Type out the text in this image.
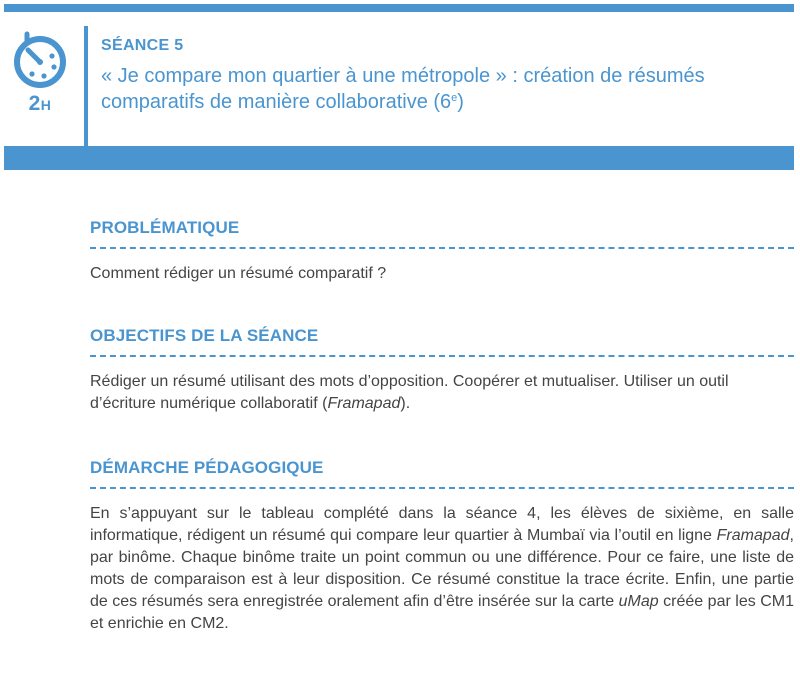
2H
SÉANCE 5
« Je compare mon quartier à une métropole » : création de résumés comparatifs de manière collaborative (6e)
PROBLÉMATIQUE

Comment rédiger un résumé comparatif ?

OBJECTIFS DE LA SÉANCE

Rédiger un résumé utilisant des mots d’opposition. Coopérer et mutualiser. Utiliser un outil d’écriture numérique collaboratif (Framapad).

DÉMARCHE PÉDAGOGIQUE

En s’appuyant sur le tableau complété dans la séance 4, les élèves de sixième, en salle informatique, rédigent un résumé qui compare leur quartier à Mumbaï via l’outil en ligne Framapad, par binôme. Chaque binôme traite un point commun ou une différence. Pour ce faire, une liste de mots de comparaison est à leur disposition. Ce résumé constitue la trace écrite. Enfin, une partie de ces résumés sera enregistrée oralement afin d’être insérée sur la carte uMap créée par les CM1 et enrichie en CM2.
